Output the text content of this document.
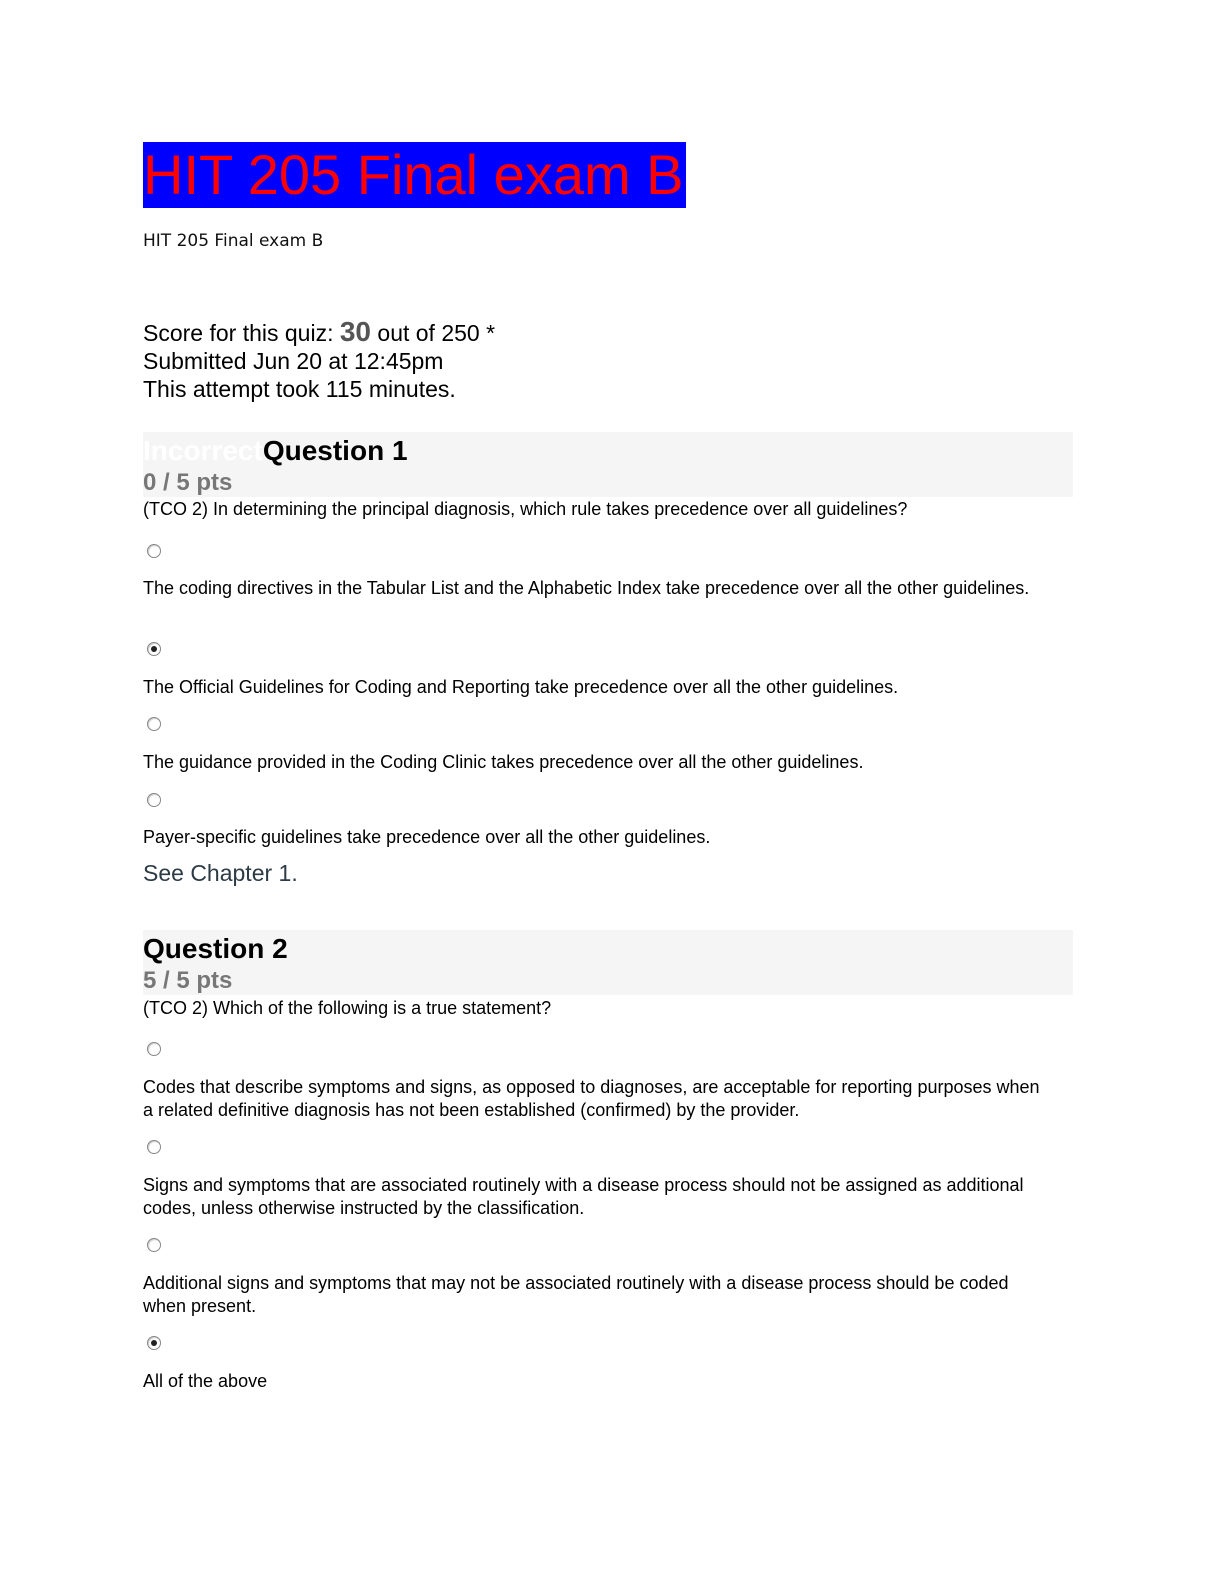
HIT 205 Final exam B
HIT 205 Final exam B
Score for this quiz: 30 out of 250 *
Submitted Jun 20 at 12:45pm
This attempt took 115 minutes.
IncorrectQuestion 1
0 / 5 pts
(TCO 2) In determining the principal diagnosis, which rule takes precedence over all guidelines?
The coding directives in the Tabular List and the Alphabetic Index take precedence over all the other guidelines.
The Official Guidelines for Coding and Reporting take precedence over all the other guidelines.
The guidance provided in the Coding Clinic takes precedence over all the other guidelines.
Payer-specific guidelines take precedence over all the other guidelines.
See Chapter 1.
Question 2
5 / 5 pts
(TCO 2) Which of the following is a true statement?
Codes that describe symptoms and signs, as opposed to diagnoses, are acceptable for reporting purposes when a related definitive diagnosis has not been established (confirmed) by the provider.
Signs and symptoms that are associated routinely with a disease process should not be assigned as additional codes, unless otherwise instructed by the classification.
Additional signs and symptoms that may not be associated routinely with a disease process should be coded when present.
All of the above
